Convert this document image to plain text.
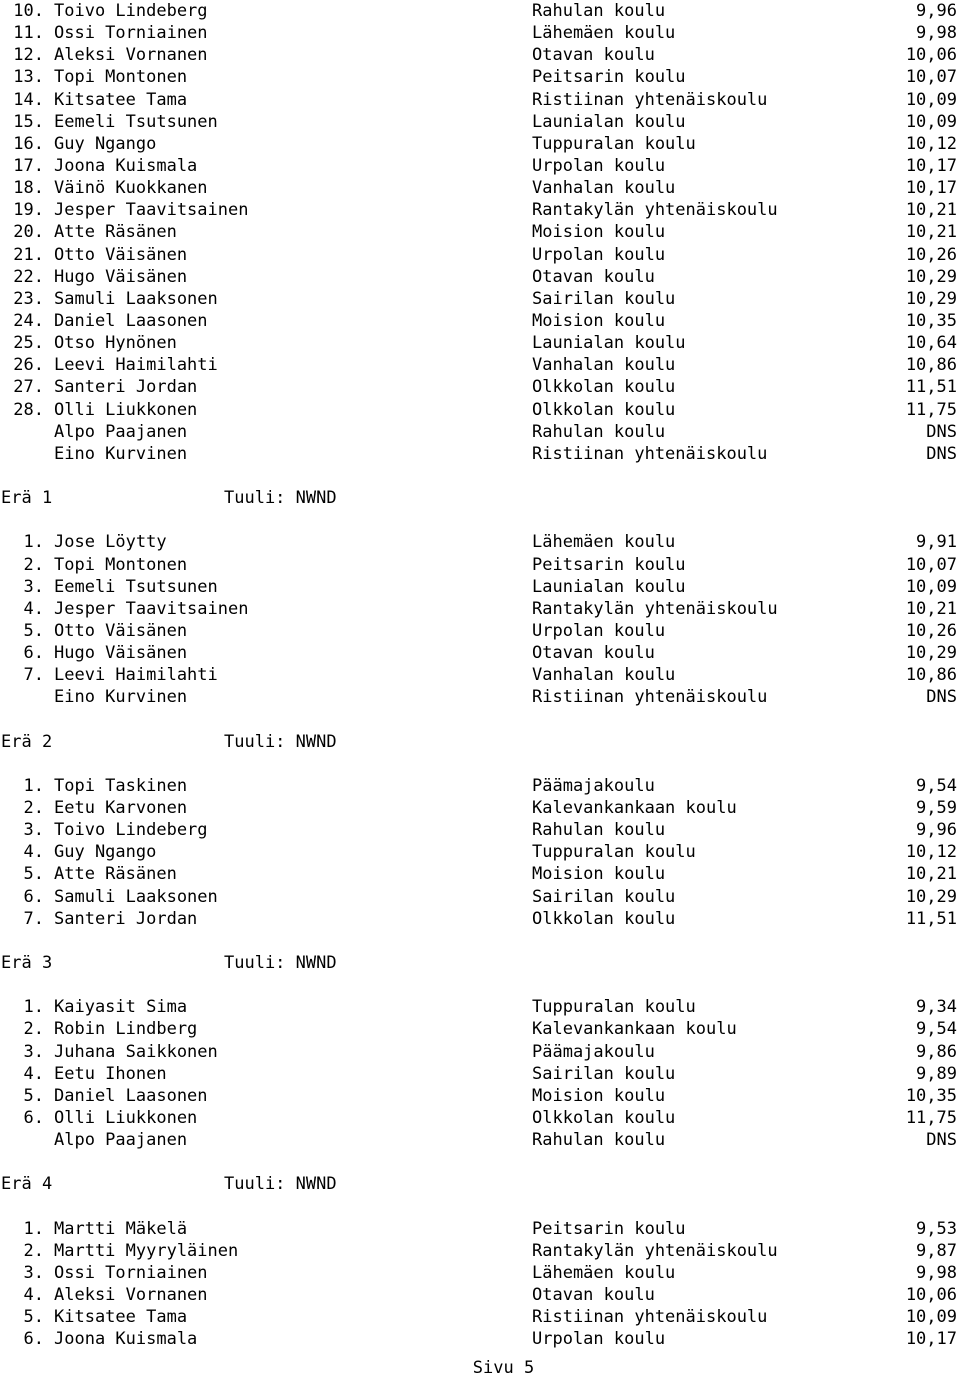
10. Toivo Lindeberg	Rahulan koulu	9,96
11. Ossi Torniainen	Lähemäen koulu	9,98
12. Aleksi Vornanen	Otavan koulu	10,06
13. Topi Montonen	Peitsarin koulu	10,07
14. Kitsatee Tama	Ristiinan yhtenäiskoulu	10,09
15. Eemeli Tsutsunen	Launialan koulu	10,09
16. Guy Ngango	Tuppuralan koulu	10,12
17. Joona Kuismala	Urpolan koulu	10,17
18. Väinö Kuokkanen	Vanhalan koulu	10,17
19. Jesper Taavitsainen	Rantakylän yhtenäiskoulu	10,21
20. Atte Räsänen	Moision koulu	10,21
21. Otto Väisänen	Urpolan koulu	10,26
22. Hugo Väisänen	Otavan koulu	10,29
23. Samuli Laaksonen	Sairilan koulu	10,29
24. Daniel Laasonen	Moision koulu	10,35
25. Otso Hynönen	Launialan koulu	10,64
26. Leevi Haimilahti	Vanhalan koulu	10,86
27. Santeri Jordan	Olkkolan koulu	11,51
28. Olli Liukkonen	Olkkolan koulu	11,75
Alpo Paajanen	Rahulan koulu	DNS
Eino Kurvinen	Ristiinan yhtenäiskoulu	DNS
Erä 1	Tuuli: NWND
1. Jose Löytty	Lähemäen koulu	9,91
2. Topi Montonen	Peitsarin koulu	10,07
3. Eemeli Tsutsunen	Launialan koulu	10,09
4. Jesper Taavitsainen	Rantakylän yhtenäiskoulu	10,21
5. Otto Väisänen	Urpolan koulu	10,26
6. Hugo Väisänen	Otavan koulu	10,29
7. Leevi Haimilahti	Vanhalan koulu	10,86
Eino Kurvinen	Ristiinan yhtenäiskoulu	DNS
Erä 2	Tuuli: NWND
1. Topi Taskinen	Päämajakoulu	9,54
2. Eetu Karvonen	Kalevankankaan koulu	9,59
3. Toivo Lindeberg	Rahulan koulu	9,96
4. Guy Ngango	Tuppuralan koulu	10,12
5. Atte Räsänen	Moision koulu	10,21
6. Samuli Laaksonen	Sairilan koulu	10,29
7. Santeri Jordan	Olkkolan koulu	11,51
Erä 3	Tuuli: NWND
1. Kaiyasit Sima	Tuppuralan koulu	9,34
2. Robin Lindberg	Kalevankankaan koulu	9,54
3. Juhana Saikkonen	Päämajakoulu	9,86
4. Eetu Ihonen	Sairilan koulu	9,89
5. Daniel Laasonen	Moision koulu	10,35
6. Olli Liukkonen	Olkkolan koulu	11,75
Alpo Paajanen	Rahulan koulu	DNS
Erä 4	Tuuli: NWND
1. Martti Mäkelä	Peitsarin koulu	9,53
2. Martti Myyryläinen	Rantakylän yhtenäiskoulu	9,87
3. Ossi Torniainen	Lähemäen koulu	9,98
4. Aleksi Vornanen	Otavan koulu	10,06
5. Kitsatee Tama	Ristiinan yhtenäiskoulu	10,09
6. Joona Kuismala	Urpolan koulu	10,17
Sivu 5
